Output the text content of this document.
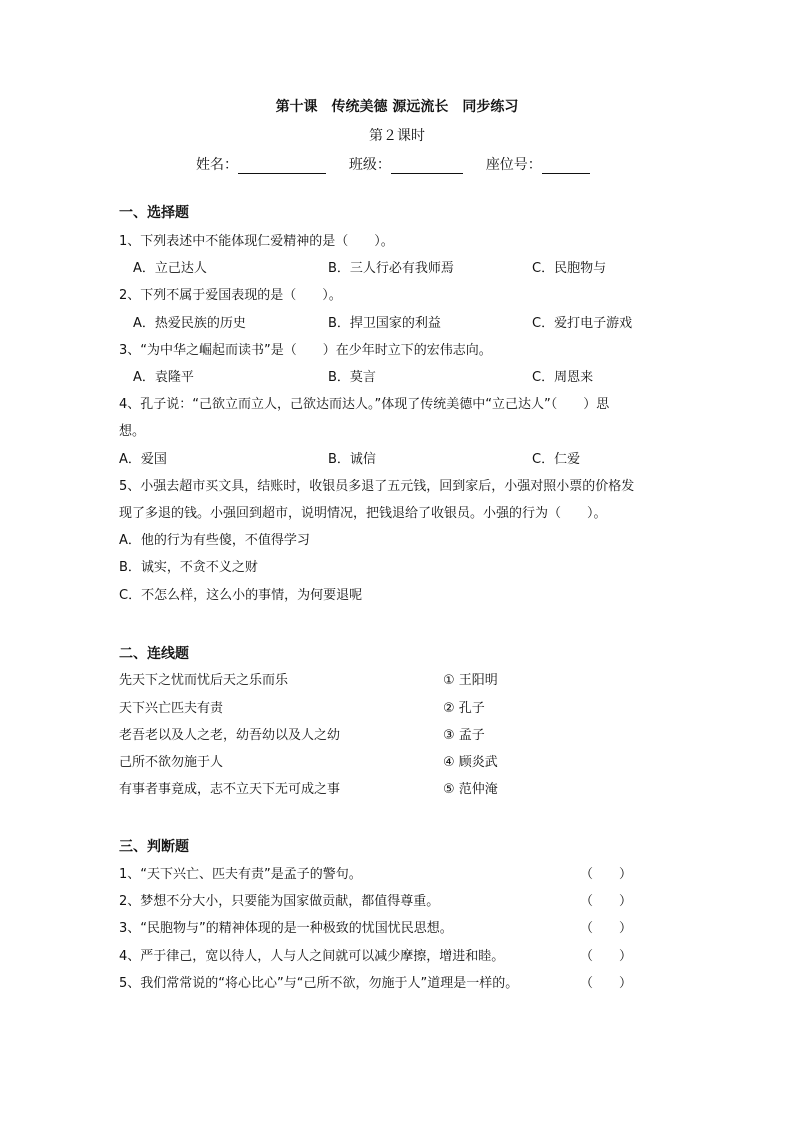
第十课　传统美德 源远流长　同步练习
第２课时
姓名：	班级：	座位号：
一、选择题
1、下列表述中不能体现仁爱精神的是（　　）。
A．立己达人	B．三人行必有我师焉	C．民胞物与
2、下列不属于爱国表现的是（　　）。
A．热爱民族的历史	B．捍卫国家的利益	C．爱打电子游戏
3、“为中华之崛起而读书”是（　　）在少年时立下的宏伟志向。
A．袁隆平	B．莫言	C．周恩来
4、孔子说：“己欲立而立人，己欲达而达人。”体现了传统美德中“立己达人”（　　）思
想。
A．爱国	B．诚信	C．仁爱
5、小强去超市买文具，结账时，收银员多退了五元钱，回到家后，小强对照小票的价格发
现了多退的钱。小强回到超市，说明情况，把钱退给了收银员。小强的行为（　　）。
A．他的行为有些傻，不值得学习
B．诚实，不贪不义之财
C．不怎么样，这么小的事情，为何要退呢
二、连线题
先天下之忧而忧后天之乐而乐	① 王阳明
天下兴亡匹夫有责	② 孔子
老吾老以及人之老，幼吾幼以及人之幼	③ 孟子
己所不欲勿施于人	④ 顾炎武
有事者事竟成，志不立天下无可成之事	⑤ 范仲淹
三、判断题
1、“天下兴亡、匹夫有责”是孟子的警句。	（　　）
2、梦想不分大小，只要能为国家做贡献，都值得尊重。	（　　）
3、“民胞物与”的精神体现的是一种极致的忧国忧民思想。	（　　）
4、严于律己，宽以待人，人与人之间就可以减少摩擦，增进和睦。	（　　）
5、我们常常说的“将心比心”与“己所不欲，勿施于人”道理是一样的。	（　　）
